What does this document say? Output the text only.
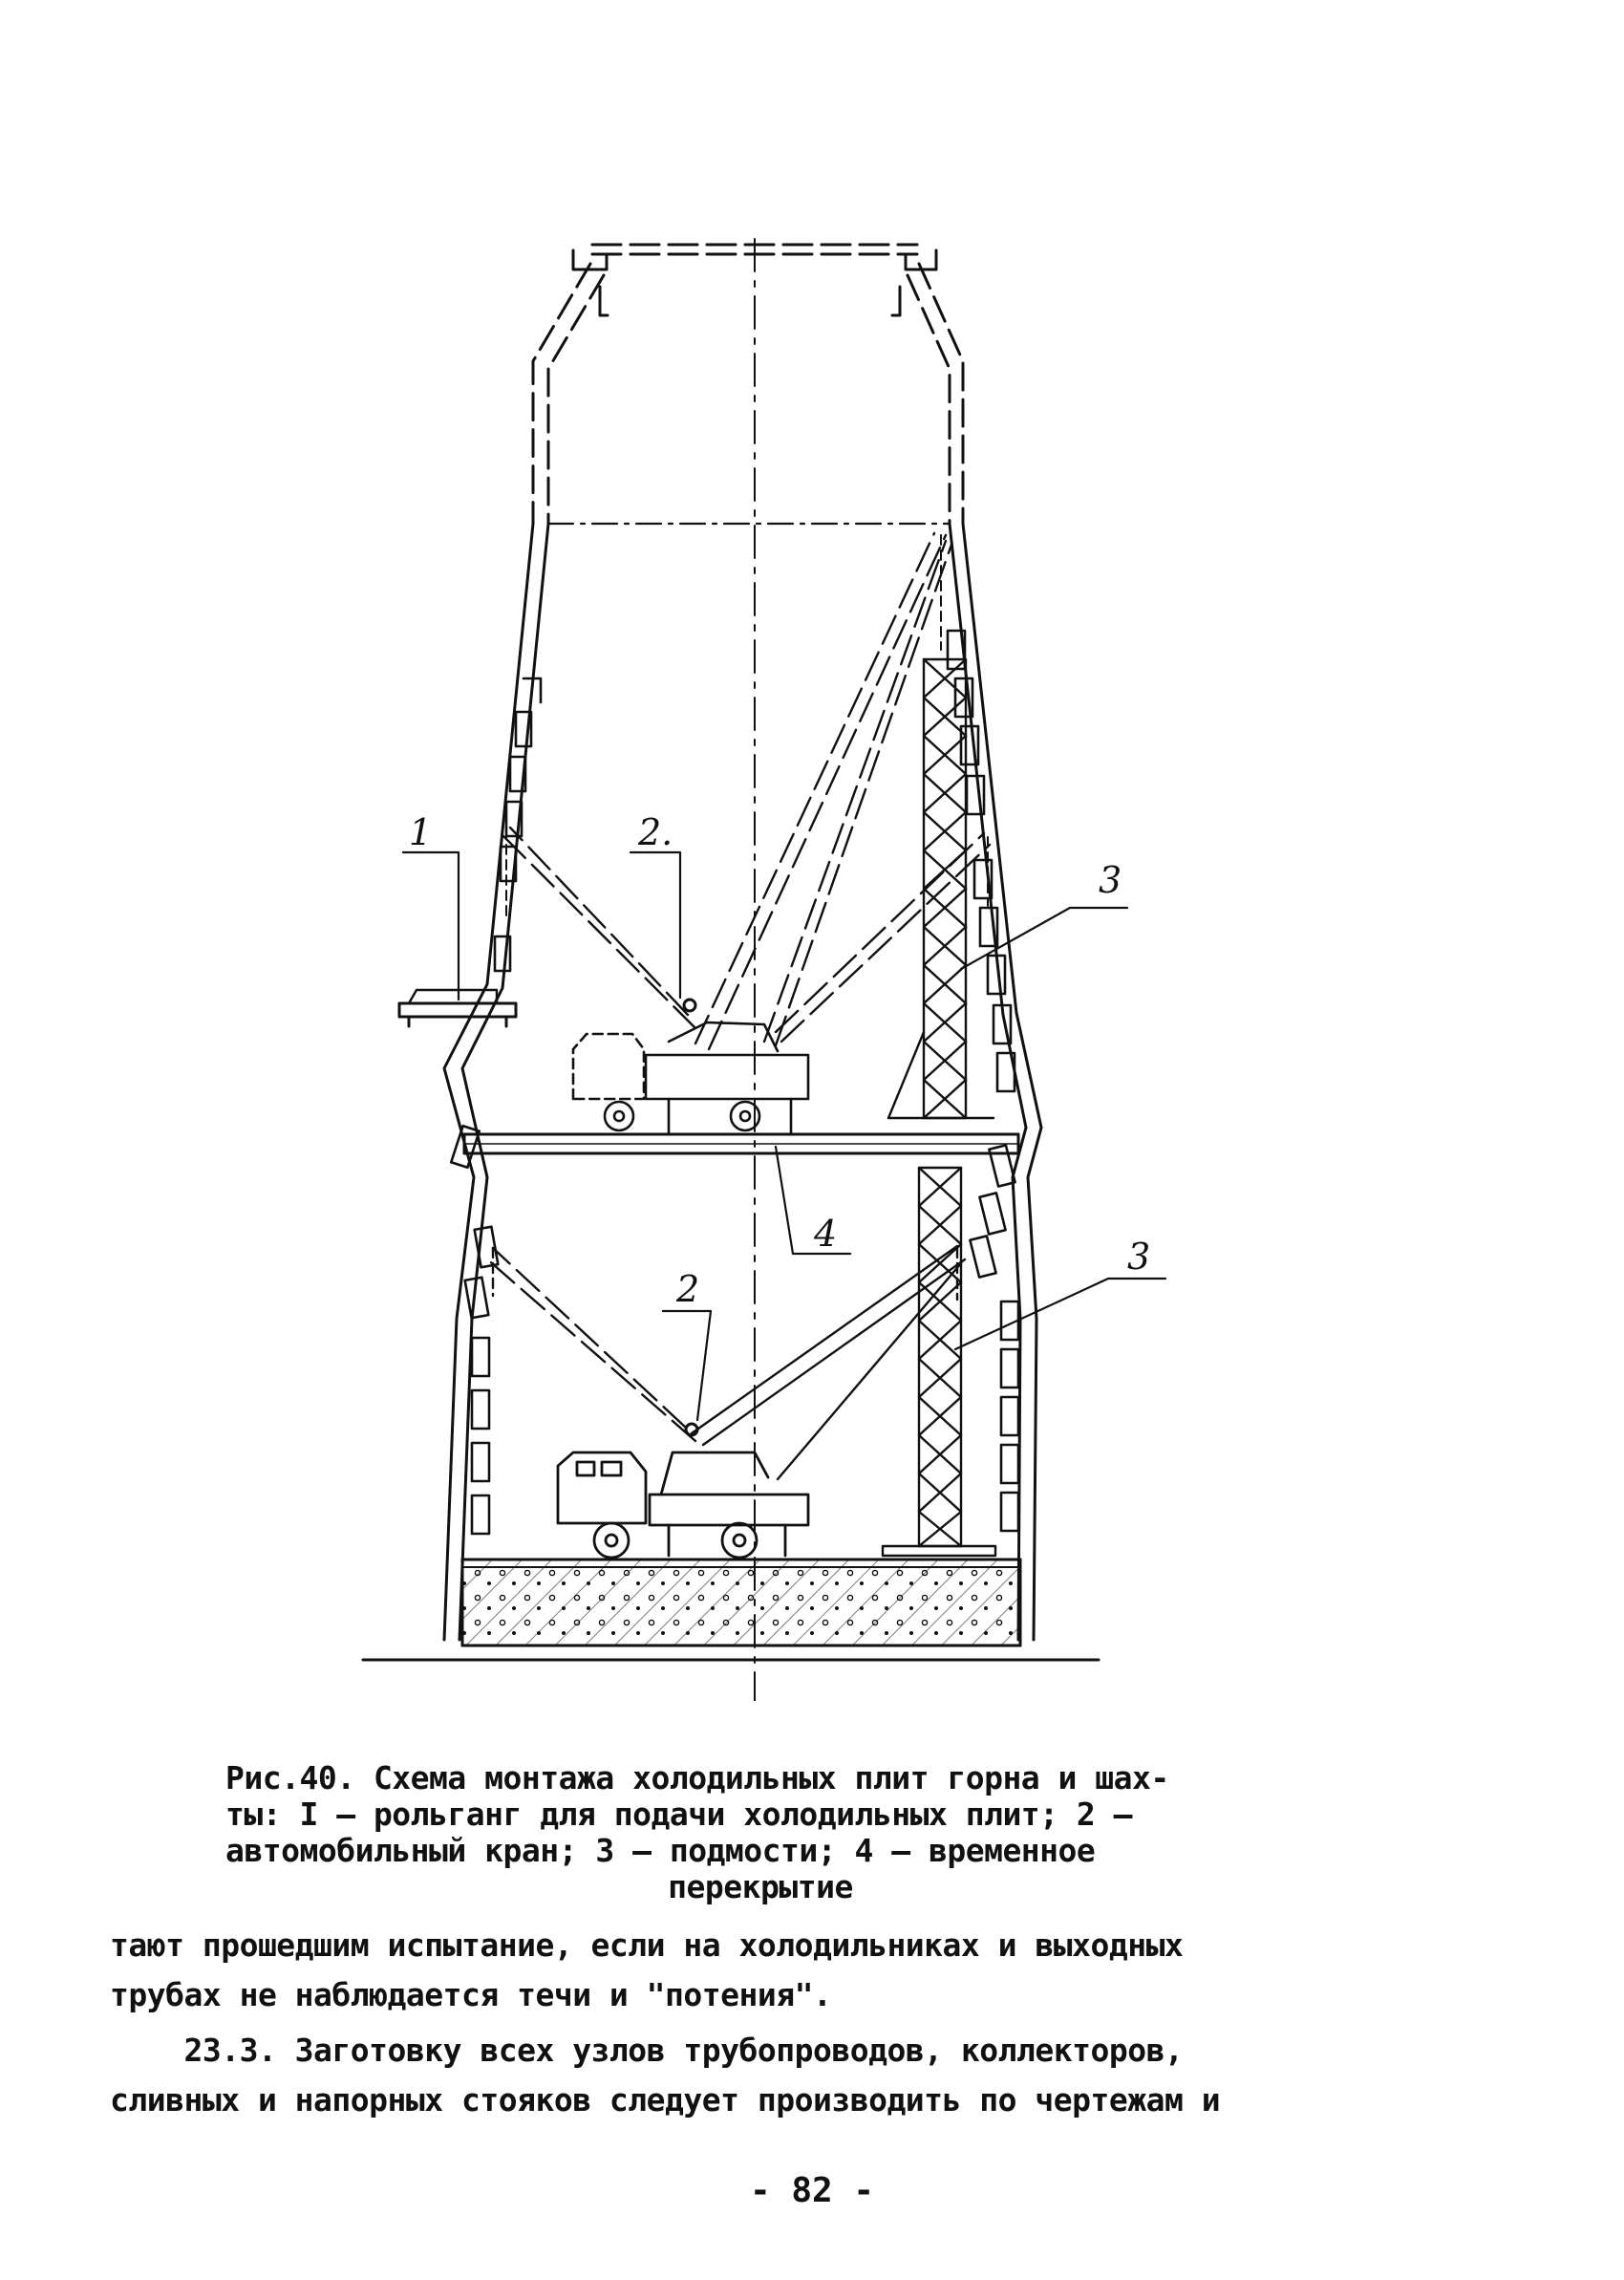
1	2.
3
4
2
3
Рис.40. Схема монтажа холодильных плит горна и шах-
ты: I – рольганг для подачи холодильных плит; 2 –
автомобильный кран; 3 – подмости; 4 – временное
перекрытие
тают прошедшим испытание, если на холодильниках и выходных
трубах не наблюдается течи и "потения".
23.3. Заготовку всех узлов трубопроводов, коллекторов,
сливных и напорных стояков следует производить по чертежам и
- 82 -
